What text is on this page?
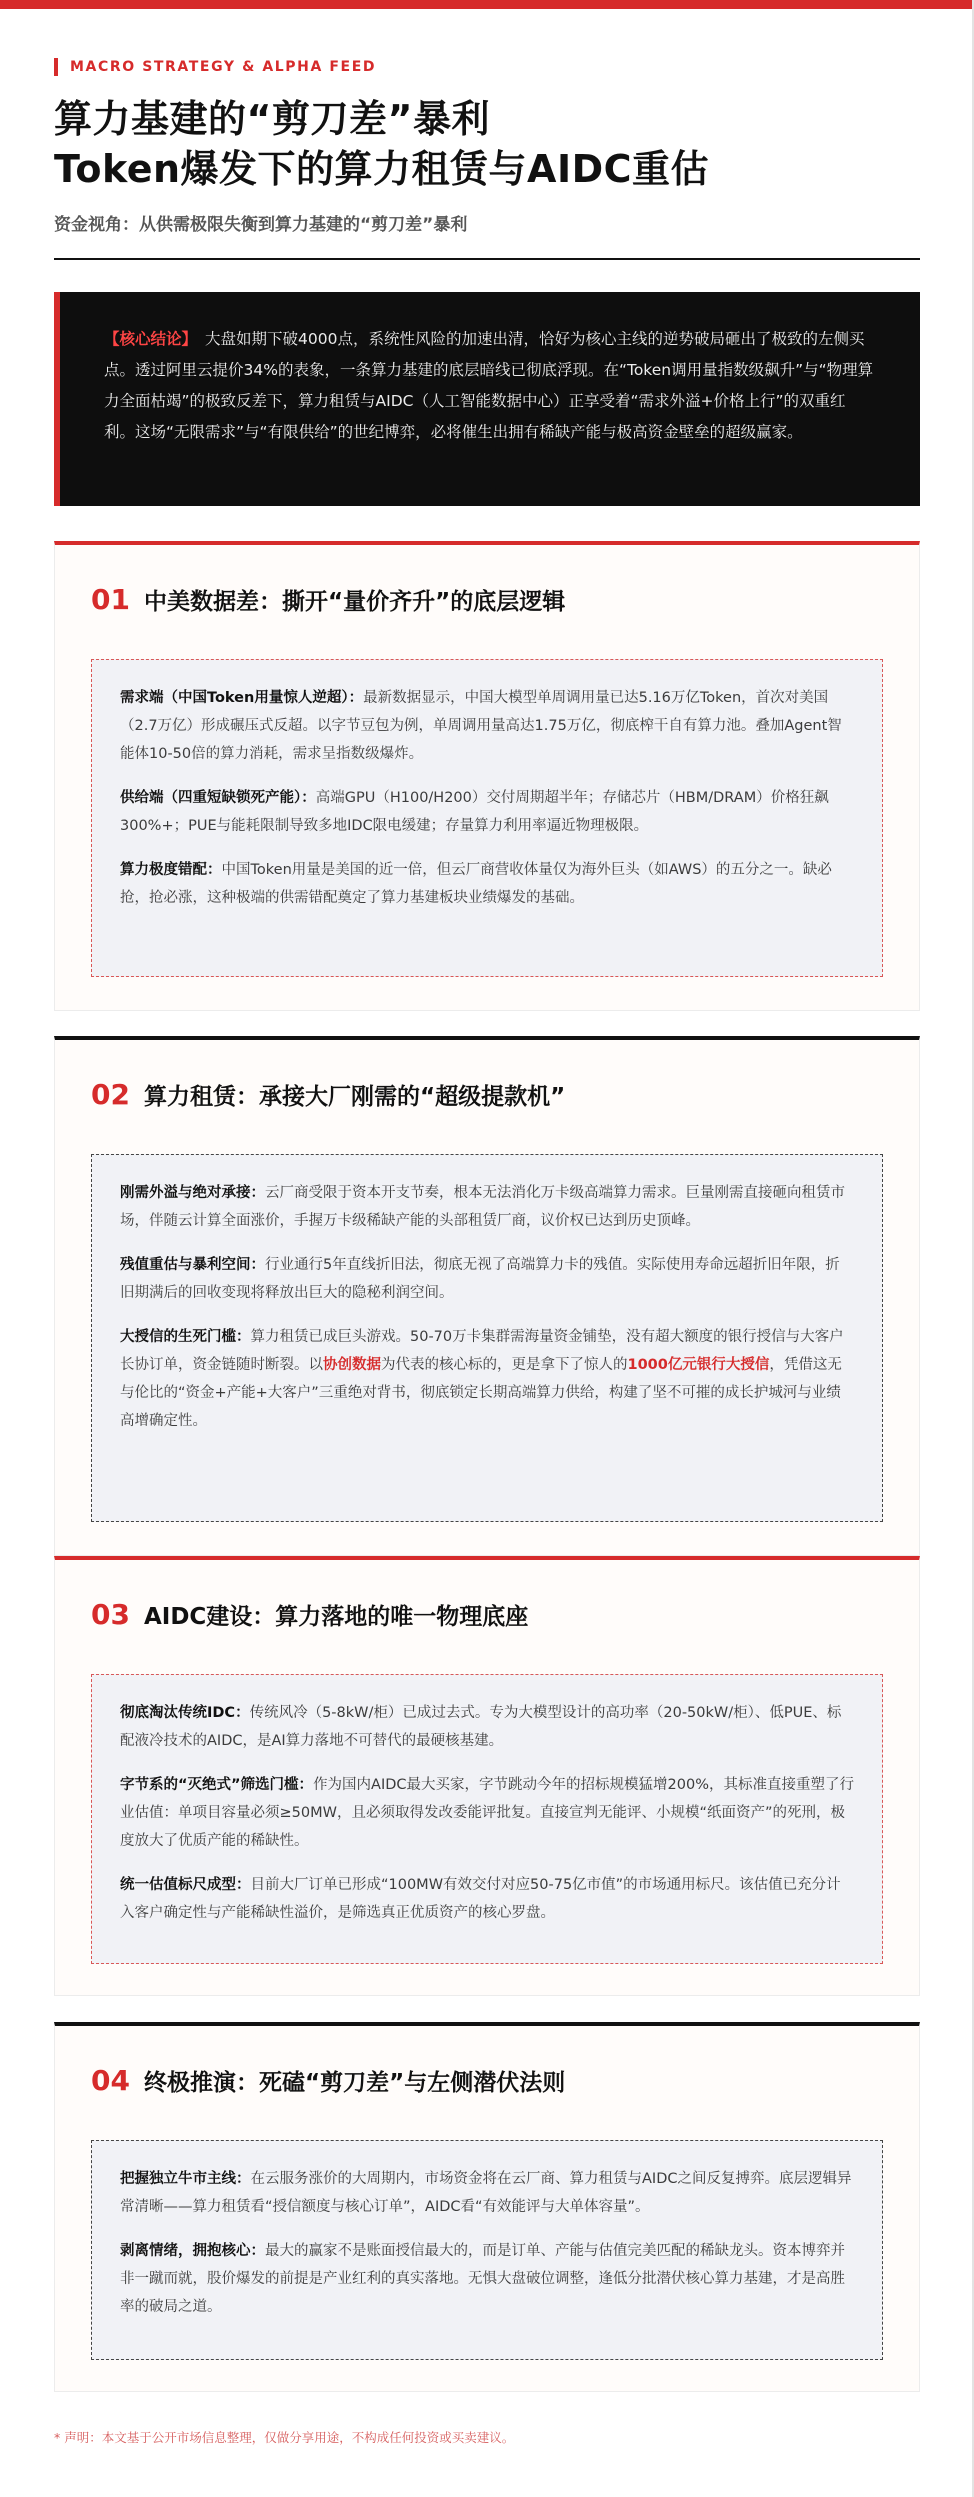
MACRO STRATEGY & ALPHA FEED
算力基建的“剪刀差”暴利
Token爆发下的算力租赁与AIDC重估
资金视角：从供需极限失衡到算力基建的“剪刀差”暴利
【核心结论】 大盘如期下破4000点，系统性风险的加速出清，恰好为核心主线的逆势破局砸出了极致的左侧买点。透过阿里云提价34%的表象，一条算力基建的底层暗线已彻底浮现。在“Token调用量指数级飙升”与“物理算力全面枯竭”的极致反差下，算力租赁与AIDC（人工智能数据中心）正享受着“需求外溢+价格上行”的双重红利。这场“无限需求”与“有限供给”的世纪博弈，必将催生出拥有稀缺产能与极高资金壁垒的超级赢家。
01 中美数据差：撕开“量价齐升”的底层逻辑

需求端（中国Token用量惊人逆超）：最新数据显示，中国大模型单周调用量已达5.16万亿Token，首次对美国（2.7万亿）形成碾压式反超。以字节豆包为例，单周调用量高达1.75万亿，彻底榨干自有算力池。叠加Agent智能体10-50倍的算力消耗，需求呈指数级爆炸。

供给端（四重短缺锁死产能）：高端GPU（H100/H200）交付周期超半年；存储芯片（HBM/DRAM）价格狂飙300%+；PUE与能耗限制导致多地IDC限电缓建；存量算力利用率逼近物理极限。

算力极度错配：中国Token用量是美国的近一倍，但云厂商营收体量仅为海外巨头（如AWS）的五分之一。缺必抢，抢必涨，这种极端的供需错配奠定了算力基建板块业绩爆发的基础。

02 算力租赁：承接大厂刚需的“超级提款机”

刚需外溢与绝对承接：云厂商受限于资本开支节奏，根本无法消化万卡级高端算力需求。巨量刚需直接砸向租赁市场，伴随云计算全面涨价，手握万卡级稀缺产能的头部租赁厂商，议价权已达到历史顶峰。

残值重估与暴利空间：行业通行5年直线折旧法，彻底无视了高端算力卡的残值。实际使用寿命远超折旧年限，折旧期满后的回收变现将释放出巨大的隐秘利润空间。

大授信的生死门槛：算力租赁已成巨头游戏。50-70万卡集群需海量资金铺垫，没有超大额度的银行授信与大客户长协订单，资金链随时断裂。以协创数据为代表的核心标的，更是拿下了惊人的1000亿元银行大授信，凭借这无与伦比的“资金+产能+大客户”三重绝对背书，彻底锁定长期高端算力供给，构建了坚不可摧的成长护城河与业绩高增确定性。

03 AIDC建设：算力落地的唯一物理底座

彻底淘汰传统IDC：传统风冷（5-8kW/柜）已成过去式。专为大模型设计的高功率（20-50kW/柜）、低PUE、标配液冷技术的AIDC，是AI算力落地不可替代的最硬核基建。

字节系的“灭绝式”筛选门槛：作为国内AIDC最大买家，字节跳动今年的招标规模猛增200%，其标准直接重塑了行业估值：单项目容量必须≥50MW，且必须取得发改委能评批复。直接宣判无能评、小规模“纸面资产”的死刑，极度放大了优质产能的稀缺性。

统一估值标尺成型：目前大厂订单已形成“100MW有效交付对应50-75亿市值”的市场通用标尺。该估值已充分计入客户确定性与产能稀缺性溢价，是筛选真正优质资产的核心罗盘。

04 终极推演：死磕“剪刀差”与左侧潜伏法则

把握独立牛市主线：在云服务涨价的大周期内，市场资金将在云厂商、算力租赁与AIDC之间反复搏弈。底层逻辑异常清晰——算力租赁看“授信额度与核心订单”，AIDC看“有效能评与大单体容量”。

剥离情绪，拥抱核心：最大的赢家不是账面授信最大的，而是订单、产能与估值完美匹配的稀缺龙头。资本博弈并非一蹴而就，股价爆发的前提是产业红利的真实落地。无惧大盘破位调整，逢低分批潜伏核心算力基建，才是高胜率的破局之道。

* 声明：本文基于公开市场信息整理，仅做分享用途，不构成任何投资或买卖建议。
